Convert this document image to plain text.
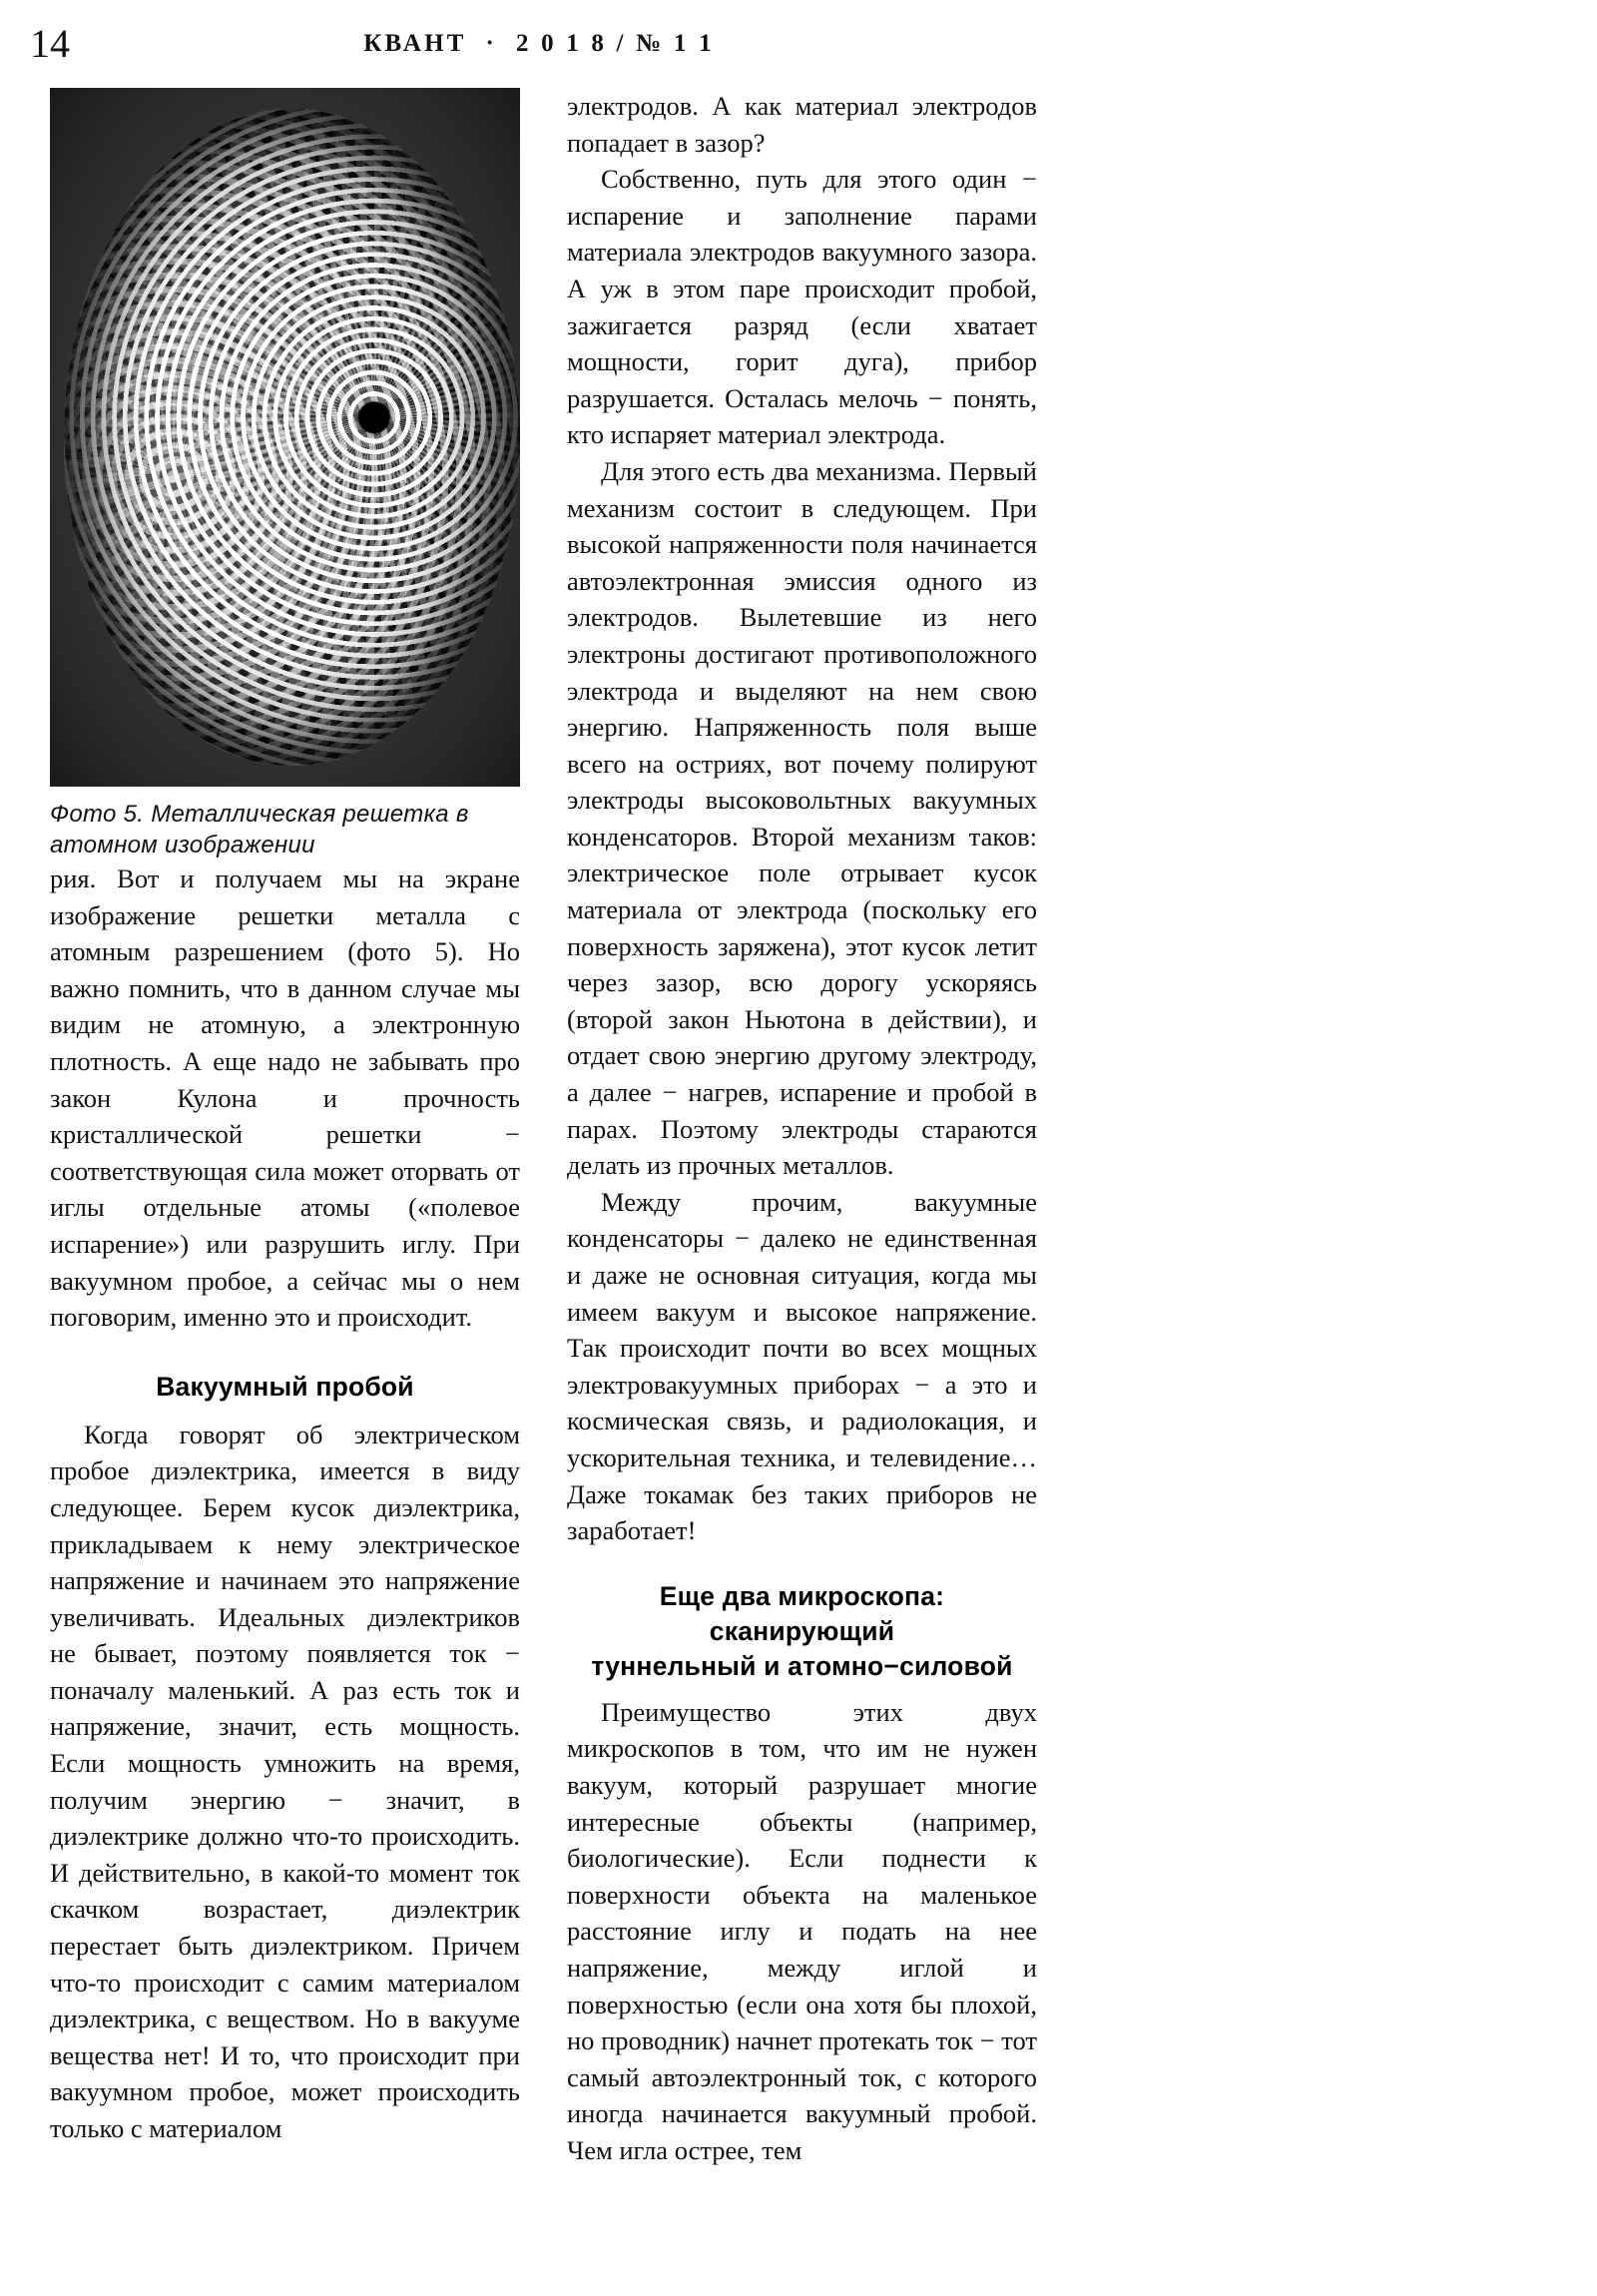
14	КВАНТ  ·  2 0 1 8 / № 1 1
Фото 5. Металлическая решетка в атомном изображении

рия. Вот и получаем мы на экране изображение решетки металла с атомным разрешением (фото 5). Но важно помнить, что в данном случае мы видим не атомную, а электронную плотность. А еще надо не забывать про закон Кулона и прочность кристаллической решетки − соответствующая сила может оторвать от иглы отдельные атомы («полевое испарение») или разрушить иглу. При вакуумном пробое, а сейчас мы о нем поговорим, именно это и происходит.

Вакуумный пробой

Когда говорят об электрическом пробое диэлектрика, имеется в виду следующее. Берем кусок диэлектрика, прикладываем к нему электрическое напряжение и начинаем это напряжение увеличивать. Идеальных диэлектриков не бывает, поэтому появляется ток − поначалу маленький. А раз есть ток и напряжение, значит, есть мощность. Если мощность умножить на время, получим энергию − значит, в диэлектрике должно что-то происходить. И действительно, в какой-то момент ток скачком возрастает, диэлектрик перестает быть диэлектриком. Причем что-то происходит с самим материалом диэлектрика, с веществом. Но в вакууме вещества нет! И то, что происходит при вакуумном пробое, может происходить только с материалом

электродов. А как материал электродов попадает в зазор?

Собственно, путь для этого один − испарение и заполнение парами материала электродов вакуумного зазора. А уж в этом паре происходит пробой, зажигается разряд (если хватает мощности, горит дуга), прибор разрушается. Осталась мелочь − понять, кто испаряет материал электрода.

Для этого есть два механизма. Первый механизм состоит в следующем. При высокой напряженности поля начинается автоэлектронная эмиссия одного из электродов. Вылетевшие из него электроны достигают противоположного электрода и выделяют на нем свою энергию. Напряженность поля выше всего на остриях, вот почему полируют электроды высоковольтных вакуумных конденсаторов. Второй механизм таков: электрическое поле отрывает кусок материала от электрода (поскольку его поверхность заряжена), этот кусок летит через зазор, всю дорогу ускоряясь (второй закон Ньютона в действии), и отдает свою энергию другому электроду, а далее − нагрев, испарение и пробой в парах. Поэтому электроды стараются делать из прочных металлов.

Между прочим, вакуумные конденсаторы − далеко не единственная и даже не основная ситуация, когда мы имеем вакуум и высокое напряжение. Так происходит почти во всех мощных электровакуумных приборах − а это и космическая связь, и радиолокация, и ускорительная техника, и телевидение… Даже токамак без таких приборов не заработает!

Еще два микроскопа: сканирующий
туннельный и атомно−силовой

Преимущество этих двух микроскопов в том, что им не нужен вакуум, который разрушает многие интересные объекты (например, биологические). Если поднести к поверхности объекта на маленькое расстояние иглу и подать на нее напряжение, между иглой и поверхностью (если она хотя бы плохой, но проводник) начнет протекать ток − тот самый автоэлектронный ток, с которого иногда начинается вакуумный пробой. Чем игла острее, тем
